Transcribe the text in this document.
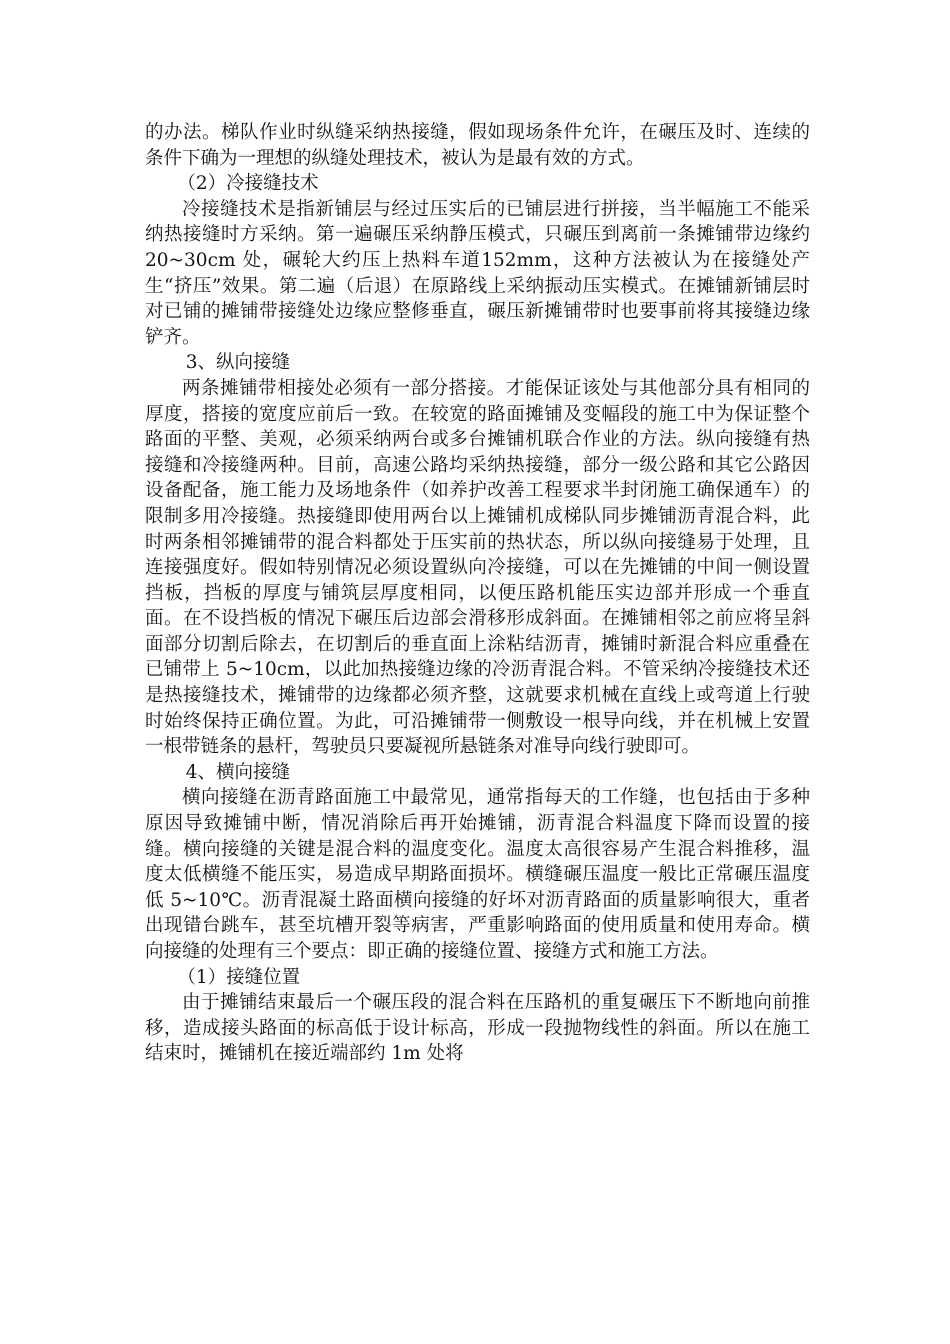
的办法。梯队作业时纵缝采纳热接缝，假如现场条件允许，在碾压及时、连续的条件下确为一理想的纵缝处理技术，被认为是最有效的方式。

（2）冷接缝技术

冷接缝技术是指新铺层与经过压实后的已铺层进行拼接，当半幅施工不能采纳热接缝时方采纳。第一遍碾压采纳静压模式，只碾压到离前一条摊铺带边缘约 20~30cm 处，碾轮大约压上热料车道152mm，这种方法被认为在接缝处产生“挤压”效果。第二遍（后退）在原路线上采纳振动压实模式。在摊铺新铺层时对已铺的摊铺带接缝处边缘应整修垂直，碾压新摊铺带时也要事前将其接缝边缘铲齐。

3、纵向接缝

两条摊铺带相接处必须有一部分搭接。才能保证该处与其他部分具有相同的厚度，搭接的宽度应前后一致。在较宽的路面摊铺及变幅段的施工中为保证整个路面的平整、美观，必须采纳两台或多台摊铺机联合作业的方法。纵向接缝有热接缝和冷接缝两种。目前，高速公路均采纳热接缝，部分一级公路和其它公路因设备配备，施工能力及场地条件（如养护改善工程要求半封闭施工确保通车）的限制多用冷接缝。热接缝即使用两台以上摊铺机成梯队同步摊铺沥青混合料，此时两条相邻摊铺带的混合料都处于压实前的热状态，所以纵向接缝易于处理，且连接强度好。假如特别情况必须设置纵向冷接缝，可以在先摊铺的中间一侧设置挡板，挡板的厚度与铺筑层厚度相同，以便压路机能压实边部并形成一个垂直面。在不设挡板的情况下碾压后边部会滑移形成斜面。在摊铺相邻之前应将呈斜面部分切割后除去，在切割后的垂直面上涂粘结沥青，摊铺时新混合料应重叠在已铺带上 5~10cm，以此加热接缝边缘的冷沥青混合料。不管采纳冷接缝技术还是热接缝技术，摊铺带的边缘都必须齐整，这就要求机械在直线上或弯道上行驶时始终保持正确位置。为此，可沿摊铺带一侧敷设一根导向线，并在机械上安置一根带链条的悬杆，驾驶员只要凝视所悬链条对准导向线行驶即可。

4、横向接缝

横向接缝在沥青路面施工中最常见，通常指每天的工作缝，也包括由于多种原因导致摊铺中断，情况消除后再开始摊铺，沥青混合料温度下降而设置的接缝。横向接缝的关键是混合料的温度变化。温度太高很容易产生混合料推移，温度太低横缝不能压实，易造成早期路面损坏。横缝碾压温度一般比正常碾压温度低 5~10℃。沥青混凝土路面横向接缝的好坏对沥青路面的质量影响很大，重者出现错台跳车，甚至坑槽开裂等病害，严重影响路面的使用质量和使用寿命。横向接缝的处理有三个要点：即正确的接缝位置、接缝方式和施工方法。

（1）接缝位置

由于摊铺结束最后一个碾压段的混合料在压路机的重复碾压下不断地向前推移，造成接头路面的标高低于设计标高，形成一段抛物线性的斜面。所以在施工结束时，摊铺机在接近端部约 1m 处将
